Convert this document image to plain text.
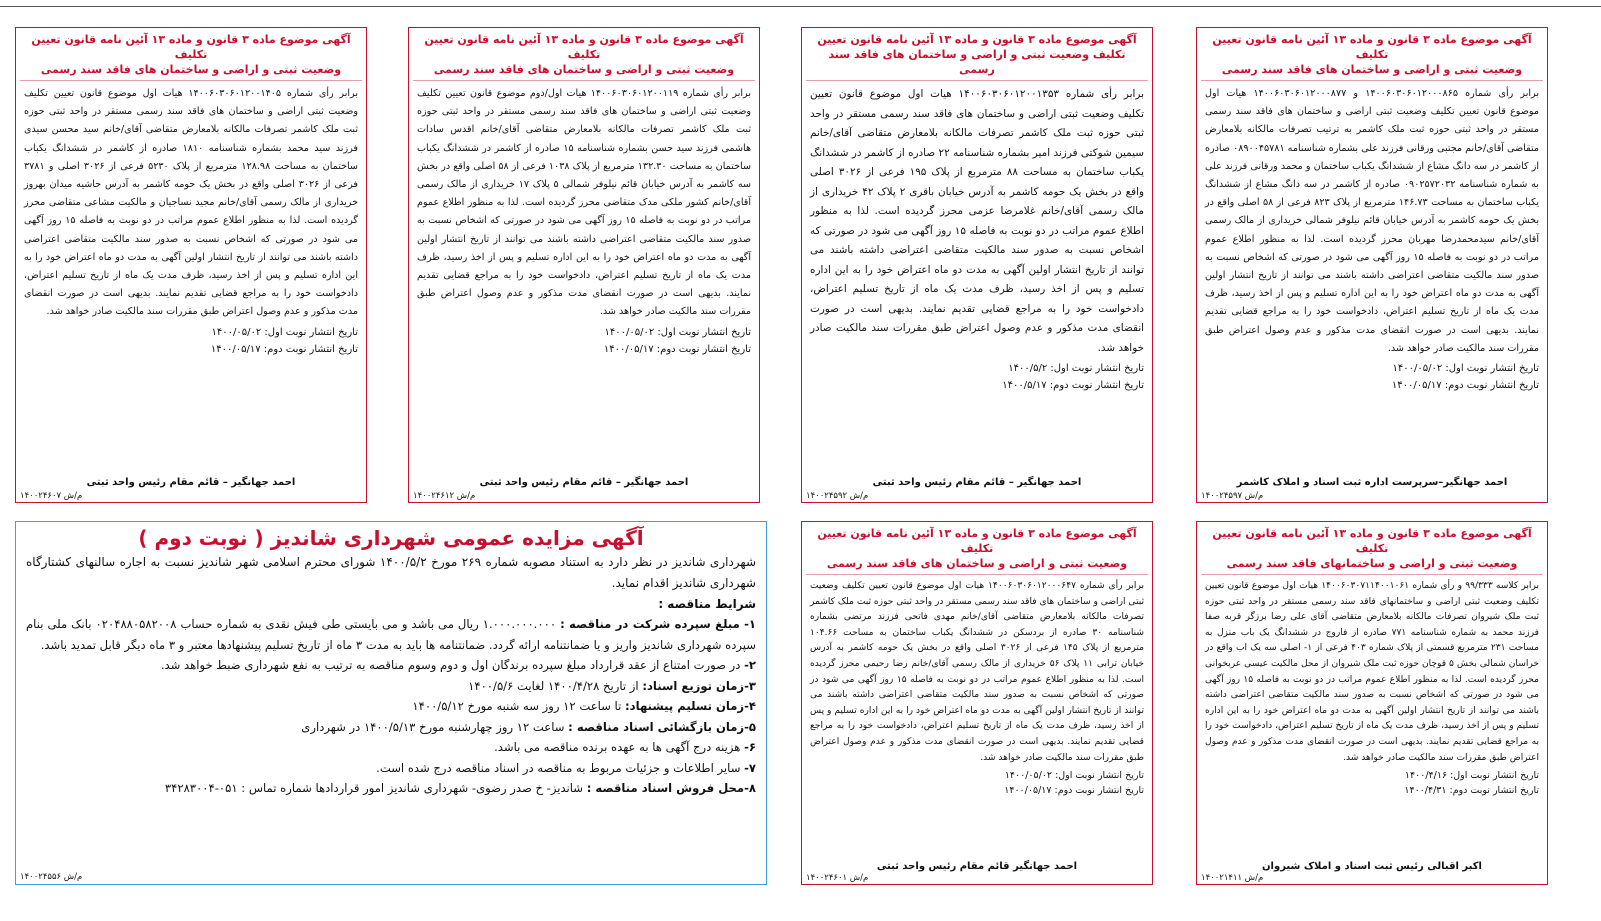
آگهی موضوع ماده ۳ قانون و ماده ۱۳ آئین نامه قانون تعیین تکلیف
وضعیت ثبتی و اراضی و ساختمان های فاقد سند رسمی
برابر رأی شماره ۱۴۰۰۶۰۳۰۶۰۱۲۰۰۰۸۶۵ و ۱۴۰۰۶۰۳۰۶۰۱۲۰۰۰۸۷۷ هیات اول موضوع قانون تعیین تکلیف وضعیت ثبتی اراضی و ساختمان های فاقد سند رسمی مستقر در واحد ثبتی حوزه ثبت ملک کاشمر به ترتیب تصرفات مالکانه بلامعارض متقاضی آقای/خانم مجتبی ورقانی فرزند علی بشماره شناسنامه ۰۸۹۰۰۴۵۷۸۱ صادره از کاشمر در سه دانگ مشاع از ششدانگ یکباب ساختمان و محمد ورقانی فرزند علی به شماره شناسنامه ۰۹۰۲۵۷۲۰۳۲ صادره از کاشمر در سه دانگ مشاع از ششدانگ یکباب ساختمان به مساحت ۱۴۶.۷۳ مترمربع از پلاک ۸۲۳ فرعی از ۵۸ اصلی واقع در بخش یک حومه کاشمر به آدرس خیابان قائم نیلوفر شمالی خریداری از مالک رسمی آقای/خانم سیدمحمدرضا مهربان محرز گردیده است. لذا به منظور اطلاع عموم مراتب در دو نوبت به فاصله ۱۵ روز آگهی می شود در صورتی که اشخاص نسبت به صدور سند مالکیت متقاضی اعتراضی داشته باشند می توانند از تاریخ انتشار اولین آگهی به مدت دو ماه اعتراض خود را به این اداره تسلیم و پس از اخذ رسید، ظرف مدت یک ماه از تاریخ تسلیم اعتراض، دادخواست خود را به مراجع قضایی تقدیم نمایند. بدیهی است در صورت انقضای مدت مذکور و عدم وصول اعتراض طبق مقررات سند مالکیت صادر خواهد شد.
تاریخ انتشار نوبت اول: ۱۴۰۰/۰۵/۰۲
تاریخ انتشار نوبت دوم: ۱۴۰۰/۰۵/۱۷
احمد جهانگیر–سرپرست اداره ثبت اسناد و املاک کاشمر
۱۴۰۰۲۴۵۹۷ م/ش
آگهی موضوع ماده ۳ قانون و ماده ۱۳ آئین نامه قانون تعیین
تکلیف وضعیت ثبتی و اراضی و ساختمان های فاقد سند رسمی
برابر رأی شماره ۱۴۰۰۶۰۳۰۶۰۱۲۰۰۱۳۵۳ هیات اول موضوع قانون تعیین تکلیف وضعیت ثبتی اراضی و ساختمان های فاقد سند رسمی مستقر در واحد ثبتی حوزه ثبت ملک کاشمر تصرفات مالکانه بلامعارض متقاضی آقای/خانم سیمین شوکتی فرزند امیر بشماره شناسنامه ۲۲ صادره از کاشمر در ششدانگ یکباب ساختمان به مساحت ۸۸ مترمربع از پلاک ۱۹۵ فرعی از ۳۰۲۶ اصلی واقع در بخش یک حومه کاشمر به آدرس خیابان باقری ۲ پلاک ۴۲ خریداری از مالک رسمی آقای/خانم غلامرضا عزمی محرز گردیده است. لذا به منظور اطلاع عموم مراتب در دو نوبت به فاصله ۱۵ روز آگهی می شود در صورتی که اشخاص نسبت به صدور سند مالکیت متقاضی اعتراضی داشته باشند می توانند از تاریخ انتشار اولین آگهی به مدت دو ماه اعتراض خود را به این اداره تسلیم و پس از اخذ رسید، ظرف مدت یک ماه از تاریخ تسلیم اعتراض، دادخواست خود را به مراجع قضایی تقدیم نمایند. بدیهی است در صورت انقضای مدت مذکور و عدم وصول اعتراض طبق مقررات سند مالکیت صادر خواهد شد.
تاریخ انتشار نوبت اول: ۱۴۰۰/۵/۲
تاریخ انتشار نوبت دوم: ۱۴۰۰/۵/۱۷
احمد جهانگیر – قائم مقام رئیس واحد ثبتی
۱۴۰۰۲۴۵۹۲ م/ش
آگهی موضوع ماده ۳ قانون و ماده ۱۳ آئین نامه قانون تعیین تکلیف
وضعیت ثبتی و اراضی و ساختمان های فاقد سند رسمی
برابر رأی شماره ۱۴۰۰۶۰۳۰۶۰۱۲۰۰۱۱۹ هیات اول/دوم موضوع قانون تعیین تکلیف وضعیت ثبتی اراضی و ساختمان های فاقد سند رسمی مستقر در واحد ثبتی حوزه ثبت ملک کاشمر تصرفات مالکانه بلامعارض متقاضی آقای/خانم اقدس سادات هاشمی فرزند سید حسن بشماره شناسنامه ۱۵ صادره از کاشمر در ششدانگ یکباب ساختمان به مساحت ۱۳۲.۳۰ مترمربع از پلاک ۱۰۳۸ فرعی از ۵۸ اصلی واقع در بخش سه کاشمر به آدرس خیابان قائم نیلوفر شمالی ۵ پلاک ۱۷ خریداری از مالک رسمی آقای/خانم کشور ملکی مدک متقاضی محرز گردیده است. لذا به منظور اطلاع عموم مراتب در دو نوبت به فاصله ۱۵ روز آگهی می شود در صورتی که اشخاص نسبت به صدور سند مالکیت متقاضی اعتراضی داشته باشند می توانند از تاریخ انتشار اولین آگهی به مدت دو ماه اعتراض خود را به این اداره تسلیم و پس از اخذ رسید، ظرف مدت یک ماه از تاریخ تسلیم اعتراض، دادخواست خود را به مراجع قضایی تقدیم نمایند. بدیهی است در صورت انقضای مدت مذکور و عدم وصول اعتراض طبق مقررات سند مالکیت صادر خواهد شد.
تاریخ انتشار نوبت اول: ۱۴۰۰/۰۵/۰۲
تاریخ انتشار نوبت دوم: ۱۴۰۰/۰۵/۱۷
احمد جهانگیر – قائم مقام رئیس واحد ثبتی
۱۴۰۰۲۴۶۱۲ م/ش
آگهی موضوع ماده ۳ قانون و ماده ۱۳ آئین نامه قانون تعیین تکلیف
وضعیت ثبتی و اراضی و ساختمان های فاقد سند رسمی
برابر رأی شماره ۱۴۰۰۶۰۳۰۶۰۱۲۰۰۱۴۰۵ هیات اول موضوع قانون تعیین تکلیف وضعیت ثبتی اراضی و ساختمان های فاقد سند رسمی مستقر در واحد ثبتی حوزه ثبت ملک کاشمر تصرفات مالکانه بلامعارض متقاضی آقای/خانم سید محسن سیدی فرزند سید محمد بشماره شناسنامه ۱۸۱۰ صادره از کاشمر در ششدانگ یکباب ساختمان به مساحت ۱۲۸.۹۸ مترمربع از پلاک ۵۲۳۰ فرعی از ۳۰۲۶ اصلی و ۳۷۸۱ فرعی از ۳۰۲۶ اصلی واقع در بخش یک حومه کاشمر به آدرس حاشیه میدان بهروز خریداری از مالک رسمی آقای/خانم مجید نساجیان و مالکیت مشاعی متقاضی محرز گردیده است. لذا به منظور اطلاع عموم مراتب در دو نوبت به فاصله ۱۵ روز آگهی می شود در صورتی که اشخاص نسبت به صدور سند مالکیت متقاضی اعتراضی داشته باشند می توانند از تاریخ انتشار اولین آگهی به مدت دو ماه اعتراض خود را به این اداره تسلیم و پس از اخذ رسید، ظرف مدت یک ماه از تاریخ تسلیم اعتراض، دادخواست خود را به مراجع قضایی تقدیم نمایند. بدیهی است در صورت انقضای مدت مذکور و عدم وصول اعتراض طبق مقررات سند مالکیت صادر خواهد شد.
تاریخ انتشار نوبت اول: ۱۴۰۰/۰۵/۰۲
تاریخ انتشار نوبت دوم: ۱۴۰۰/۰۵/۱۷
احمد جهانگیر – قائم مقام رئیس واحد ثبتی
۱۴۰۰۲۴۶۰۷ م/ش
آگهی موضوع ماده ۳ قانون و ماده ۱۳ آئین نامه قانون تعیین تکلیف
وضعیت ثبتی و اراضی و ساختمانهای فاقد سند رسمی
برابر کلاسه ۹۹/۳۳۳ و رأی شماره ۱۴۰۰۶۰۳۰۷۱۱۴۰۰۱۰۶۱ هیات اول موضوع قانون تعیین تکلیف وضعیت ثبتی اراضی و ساختمانهای فاقد سند رسمی مستقر در واحد ثبتی حوزه ثبت ملک شیروان تصرفات مالکانه بلامعارض متقاضی آقای علی رضا برزگر قربه صفا فرزند محمد به شماره شناسنامه ۷۷۱ صادره از فاروج در ششدانگ یک باب منزل به مساحت ۲۳۱ مترمربع قسمتی از پلاک شماره ۴۰۳ فرعی از ۱- اصلی سه یک اب واقع در خراسان شمالی بخش ۵ قوچان حوزه ثبت ملک شیروان از محل مالکیت عیسی عربخوانی محرز گردیده است. لذا به منظور اطلاع عموم مراتب در دو نوبت به فاصله ۱۵ روز آگهی می شود در صورتی که اشخاص نسبت به صدور سند مالکیت متقاضی اعتراضی داشته باشند می توانند از تاریخ انتشار اولین آگهی به مدت دو ماه اعتراض خود را به این اداره تسلیم و پس از اخذ رسید، ظرف مدت یک ماه از تاریخ تسلیم اعتراض، دادخواست خود را به مراجع قضایی تقدیم نمایند. بدیهی است در صورت انقضای مدت مذکور و عدم وصول اعتراض طبق مقررات سند مالکیت صادر خواهد شد.
تاریخ انتشار نوبت اول: ۱۴۰۰/۴/۱۶
تاریخ انتشار نوبت دوم: ۱۴۰۰/۴/۳۱
اکبر اقبالی رئیس ثبت اسناد و املاک شیروان
۱۴۰۰۲۱۴۱۱ م/ش
آگهی موضوع ماده ۳ قانون و ماده ۱۳ آئین نامه قانون تعیین تکلیف
وضعیت ثبتی و اراضی و ساختمان های فاقد سند رسمی
برابر رأی شماره ۱۴۰۰۶۰۳۰۶۰۱۲۰۰۰۶۴۷ هیات اول موضوع قانون تعیین تکلیف وضعیت ثبتی اراضی و ساختمان های فاقد سند رسمی مستقر در واحد ثبتی حوزه ثبت ملک کاشمر تصرفات مالکانه بلامعارض متقاضی آقای/خانم مهدی فاتحی فرزند مرتضی بشماره شناسنامه ۳۰ صادره از بردسکن در ششدانگ یکباب ساختمان به مساحت ۱۰۴.۶۶ مترمربع از پلاک ۱۴۵ فرعی از ۳۰۲۶ اصلی واقع در بخش یک حومه کاشمر به آدرس خیابان ترابی ۱۱ پلاک ۵۶ خریداری از مالک رسمی آقای/خانم رضا رحیمی محرز گردیده است. لذا به منظور اطلاع عموم مراتب در دو نوبت به فاصله ۱۵ روز آگهی می شود در صورتی که اشخاص نسبت به صدور سند مالکیت متقاضی اعتراضی داشته باشند می توانند از تاریخ انتشار اولین آگهی به مدت دو ماه اعتراض خود را به این اداره تسلیم و پس از اخذ رسید، ظرف مدت یک ماه از تاریخ تسلیم اعتراض، دادخواست خود را به مراجع قضایی تقدیم نمایند. بدیهی است در صورت انقضای مدت مذکور و عدم وصول اعتراض طبق مقررات سند مالکیت صادر خواهد شد.
تاریخ انتشار نوبت اول: ۱۴۰۰/۰۵/۰۲
تاریخ انتشار نوبت دوم: ۱۴۰۰/۰۵/۱۷
احمد جهانگیر قائم مقام رئیس واحد ثبتی
۱۴۰۰۲۴۶۰۱ م/ش
آگهی مزایده عمومی شهرداری شاندیز ( نوبت دوم )
شهرداری شاندیز در نظر دارد به استناد مصوبه شماره ۲۶۹ مورخ ۱۴۰۰/۵/۲ شورای محترم اسلامی شهر شاندیز نسبت به اجاره سالنهای کشتارگاه شهرداری شاندیز اقدام نماید.
شرایط مناقصه :
۱- مبلغ سپرده شرکت در مناقصه : ۱.۰۰۰.۰۰۰.۰۰۰ ریال می باشد و می بایستی طی فیش نقدی به شماره حساب ۰۲۰۴۸۸۰۵۸۲۰۰۸ بانک ملی بنام سپرده شهرداری شاندیز واریز و یا ضمانتنامه ارائه گردد. ضمانتنامه ها باید به مدت ۳ ماه از تاریخ تسلیم پیشنهادها معتبر و ۳ ماه دیگر قابل تمدید باشد.
۲- در صورت امتناع از عقد قرارداد مبلغ سپرده برندگان اول و دوم وسوم مناقصه به ترتیب به نفع شهرداری ضبط خواهد شد.
۳-زمان توزیع اسناد: از تاریخ ۱۴۰۰/۴/۲۸ لغایت ۱۴۰۰/۵/۶
۴-زمان تسلیم پیشنهاد: تا ساعت ۱۲ روز سه شنبه مورخ ۱۴۰۰/۵/۱۲
۵-زمان بازگشائی اسناد مناقصه : ساعت ۱۲ روز چهارشنبه مورخ ۱۴۰۰/۵/۱۳ در شهرداری
۶- هزینه درج آگهی ها به عهده برنده مناقصه می باشد.
۷- سایر اطلاعات و جزئیات مربوط به مناقصه در اسناد مناقصه درج شده است.
۸-محل فروش اسناد مناقصه : شاندیز- خ صدر رضوی- شهرداری شاندیز امور قراردادها شماره تماس : ۰۵۱-۳۴۲۸۳۰۰۴
۱۴۰۰۲۴۵۵۶ م/ش
